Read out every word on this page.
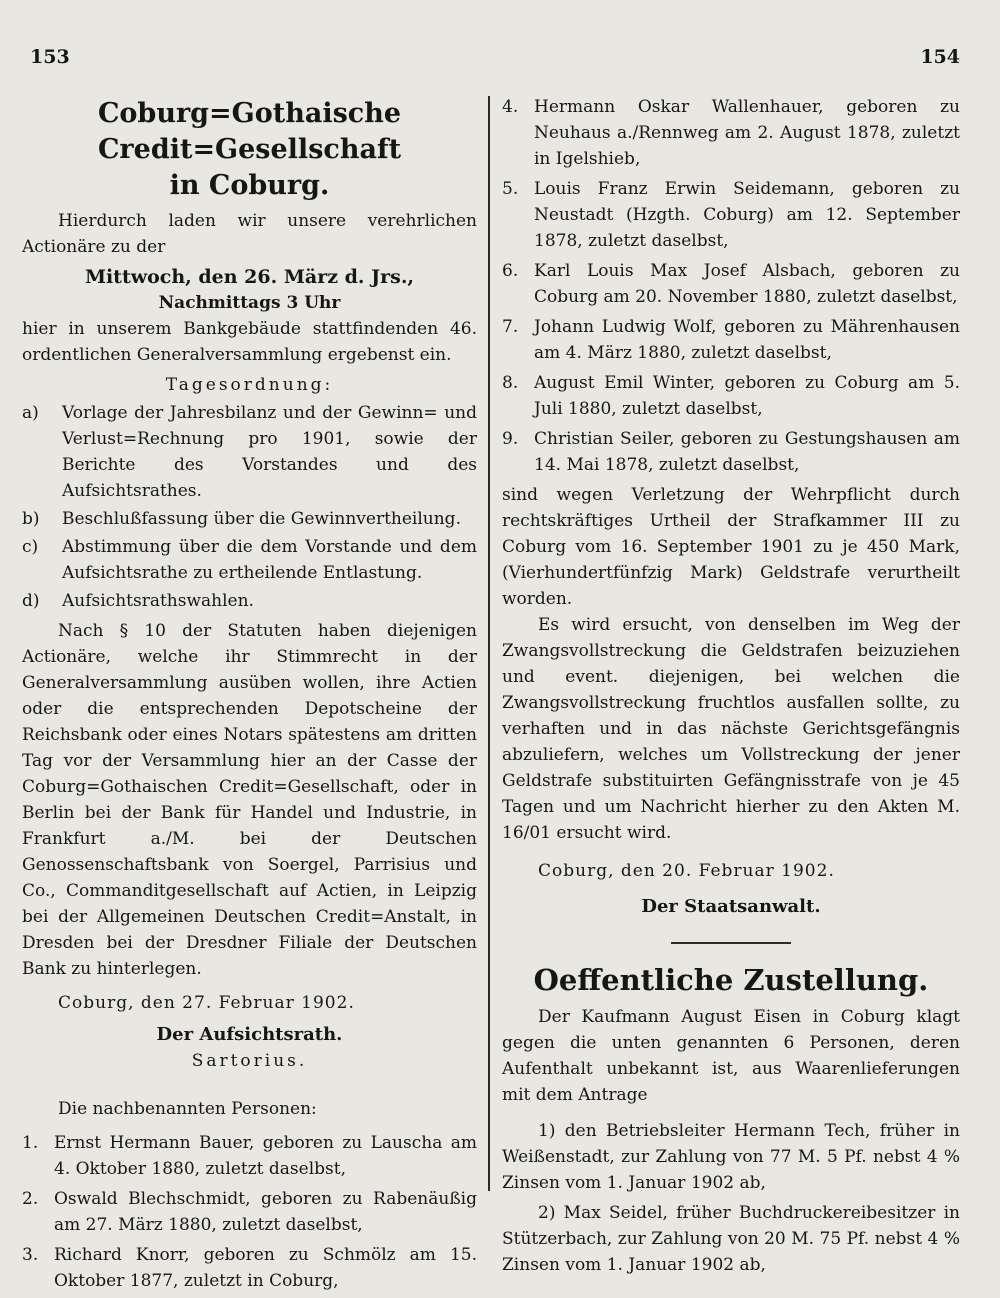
153	154
Coburg=Gothaische Credit=Gesellschaft
in Coburg.

Hierdurch laden wir unsere verehrlichen Actionäre zu der

Mittwoch, den 26. März d. Jrs.,

Nachmittags 3 Uhr

hier in unserem Bankgebäude stattfindenden 46. ordentlichen Generalversammlung ergebenst ein.

Tagesordnung:

a) Vorlage der Jahresbilanz und der Gewinn= und Verlust=Rechnung pro 1901, sowie der Berichte des Vorstandes und des Aufsichtsrathes.

b) Beschlußfassung über die Gewinnvertheilung.

c) Abstimmung über die dem Vorstande und dem Aufsichtsrathe zu ertheilende Entlastung.

d) Aufsichtsrathswahlen.

Nach § 10 der Statuten haben diejenigen Actionäre, welche ihr Stimmrecht in der Generalversammlung ausüben wollen, ihre Actien oder die entsprechenden Depotscheine der Reichsbank oder eines Notars spätestens am dritten Tag vor der Versammlung hier an der Casse der Coburg=Gothaischen Credit=Gesellschaft, oder in Berlin bei der Bank für Handel und Industrie, in Frankfurt a./M. bei der Deutschen Genossenschaftsbank von Soergel, Parrisius und Co., Commanditgesellschaft auf Actien, in Leipzig bei der Allgemeinen Deutschen Credit=Anstalt, in Dresden bei der Dresdner Filiale der Deutschen Bank zu hinterlegen.

Coburg, den 27. Februar 1902.

Der Aufsichtsrath.

Sartorius.

Die nachbenannten Personen:

1. Ernst Hermann Bauer, geboren zu Lauscha am 4. Oktober 1880, zuletzt daselbst,

2. Oswald Blechschmidt, geboren zu Rabenäußig am 27. März 1880, zuletzt daselbst,

3. Richard Knorr, geboren zu Schmölz am 15. Oktober 1877, zuletzt in Coburg,

4. Hermann Oskar Wallenhauer, geboren zu Neuhaus a./Rennweg am 2. August 1878, zuletzt in Igelshieb,

5. Louis Franz Erwin Seidemann, geboren zu Neustadt (Hzgth. Coburg) am 12. September 1878, zuletzt daselbst,

6. Karl Louis Max Josef Alsbach, geboren zu Coburg am 20. November 1880, zuletzt daselbst,

7. Johann Ludwig Wolf, geboren zu Mährenhausen am 4. März 1880, zuletzt daselbst,

8. August Emil Winter, geboren zu Coburg am 5. Juli 1880, zuletzt daselbst,

9. Christian Seiler, geboren zu Gestungshausen am 14. Mai 1878, zuletzt daselbst,

sind wegen Verletzung der Wehrpflicht durch rechtskräftiges Urtheil der Strafkammer III zu Coburg vom 16. September 1901 zu je 450 Mark, (Vierhundertfünfzig Mark) Geldstrafe verurtheilt worden.

Es wird ersucht, von denselben im Weg der Zwangsvollstreckung die Geldstrafen beizuziehen und event. diejenigen, bei welchen die Zwangsvollstreckung fruchtlos ausfallen sollte, zu verhaften und in das nächste Gerichtsgefängnis abzuliefern, welches um Vollstreckung der jener Geldstrafe substituirten Gefängnisstrafe von je 45 Tagen und um Nachricht hierher zu den Akten M. 16/01 ersucht wird.

Coburg, den 20. Februar 1902.

Der Staatsanwalt.

Oeffentliche Zustellung.

Der Kaufmann August Eisen in Coburg klagt gegen die unten genannten 6 Personen, deren Aufenthalt unbekannt ist, aus Waarenlieferungen mit dem Antrage

1) den Betriebsleiter Hermann Tech, früher in Weißenstadt, zur Zahlung von 77 M. 5 Pf. nebst 4 % Zinsen vom 1. Januar 1902 ab,

2) Max Seidel, früher Buchdruckereibesitzer in Stützerbach, zur Zahlung von 20 M. 75 Pf. nebst 4 % Zinsen vom 1. Januar 1902 ab,
